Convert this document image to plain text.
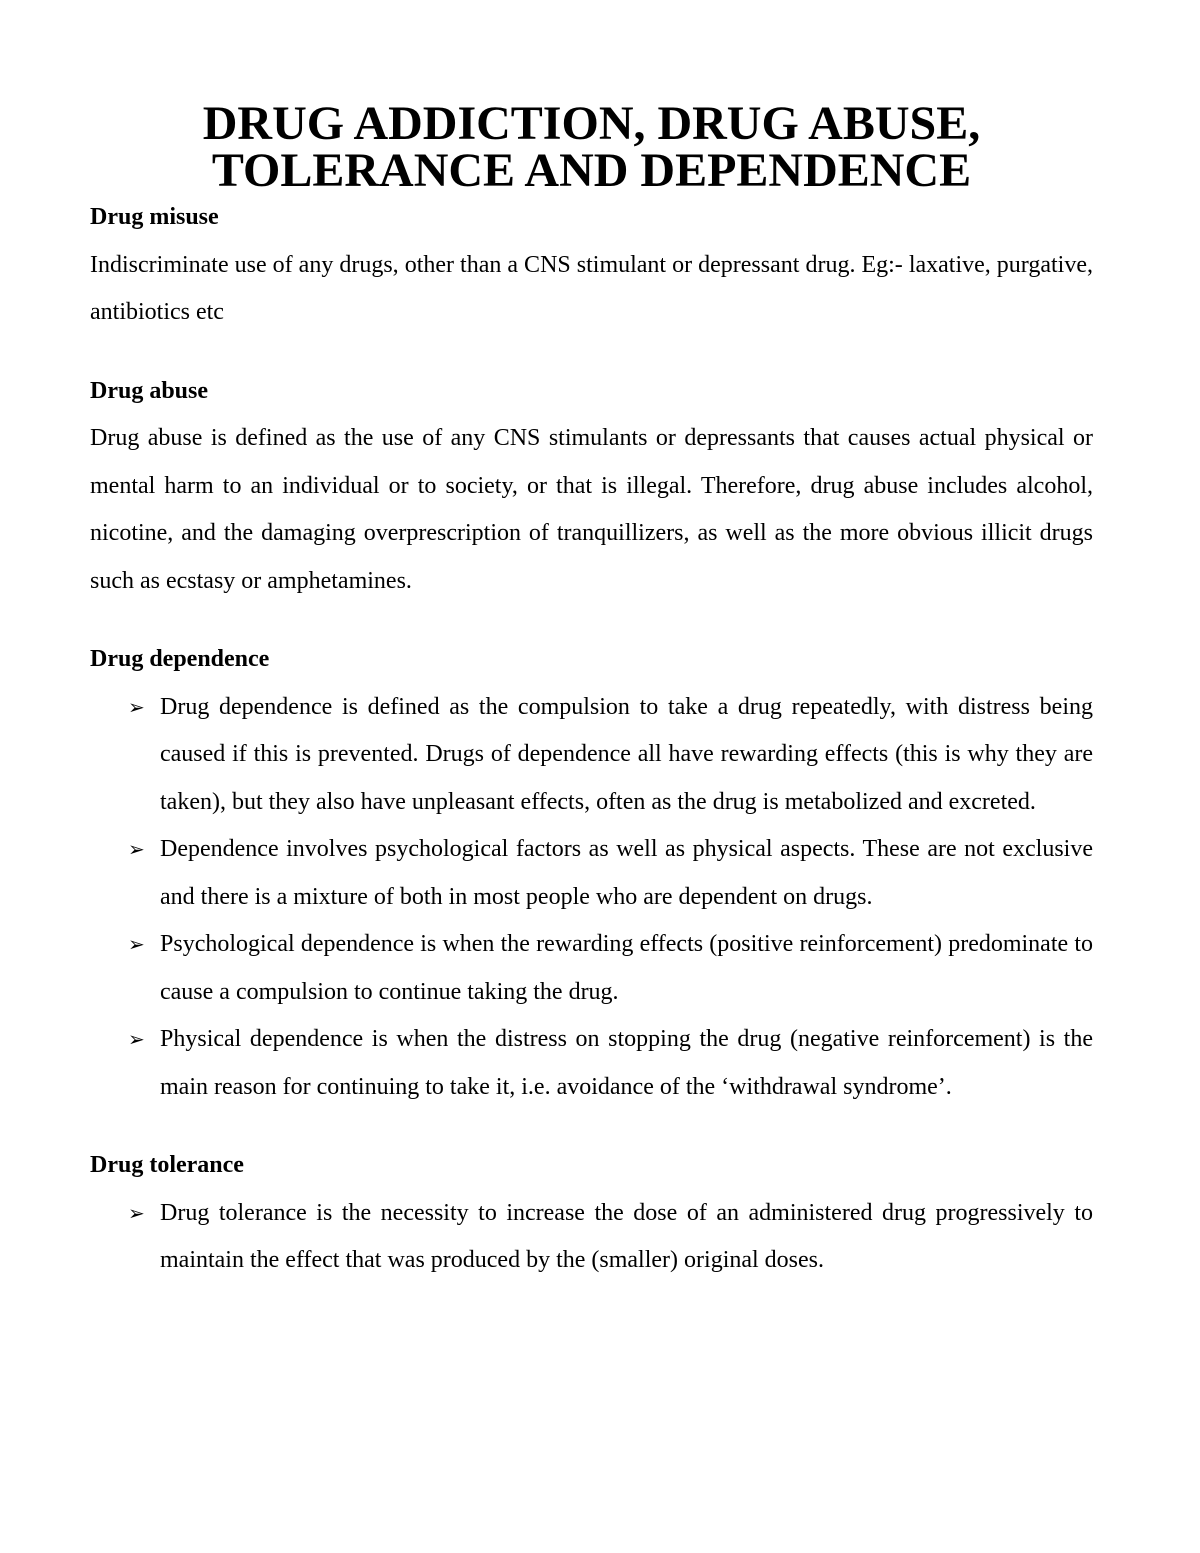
DRUG ADDICTION, DRUG ABUSE, TOLERANCE AND DEPENDENCE
Drug misuse

Indiscriminate use of any drugs, other than a CNS stimulant or depressant drug. Eg:- laxative, purgative, antibiotics etc

Drug abuse

Drug abuse is defined as the use of any CNS stimulants or depressants that causes actual physical or mental harm to an individual or to society, or that is illegal. Therefore, drug abuse includes alcohol, nicotine, and the damaging overprescription of tranquillizers, as well as the more obvious illicit drugs such as ecstasy or amphetamines.

Drug dependence
➢ Drug dependence is defined as the compulsion to take a drug repeatedly, with distress being caused if this is prevented. Drugs of dependence all have rewarding effects (this is why they are taken), but they also have unpleasant effects, often as the drug is metabolized and excreted.
➢ Dependence involves psychological factors as well as physical aspects. These are not exclusive and there is a mixture of both in most people who are dependent on drugs.
➢ Psychological dependence is when the rewarding effects (positive reinforcement) predominate to cause a compulsion to continue taking the drug.
➢ Physical dependence is when the distress on stopping the drug (negative reinforcement) is the main reason for continuing to take it, i.e. avoidance of the ‘withdrawal syndrome’.
Drug tolerance
➢ Drug tolerance is the necessity to increase the dose of an administered drug progressively to maintain the effect that was produced by the (smaller) original doses.
